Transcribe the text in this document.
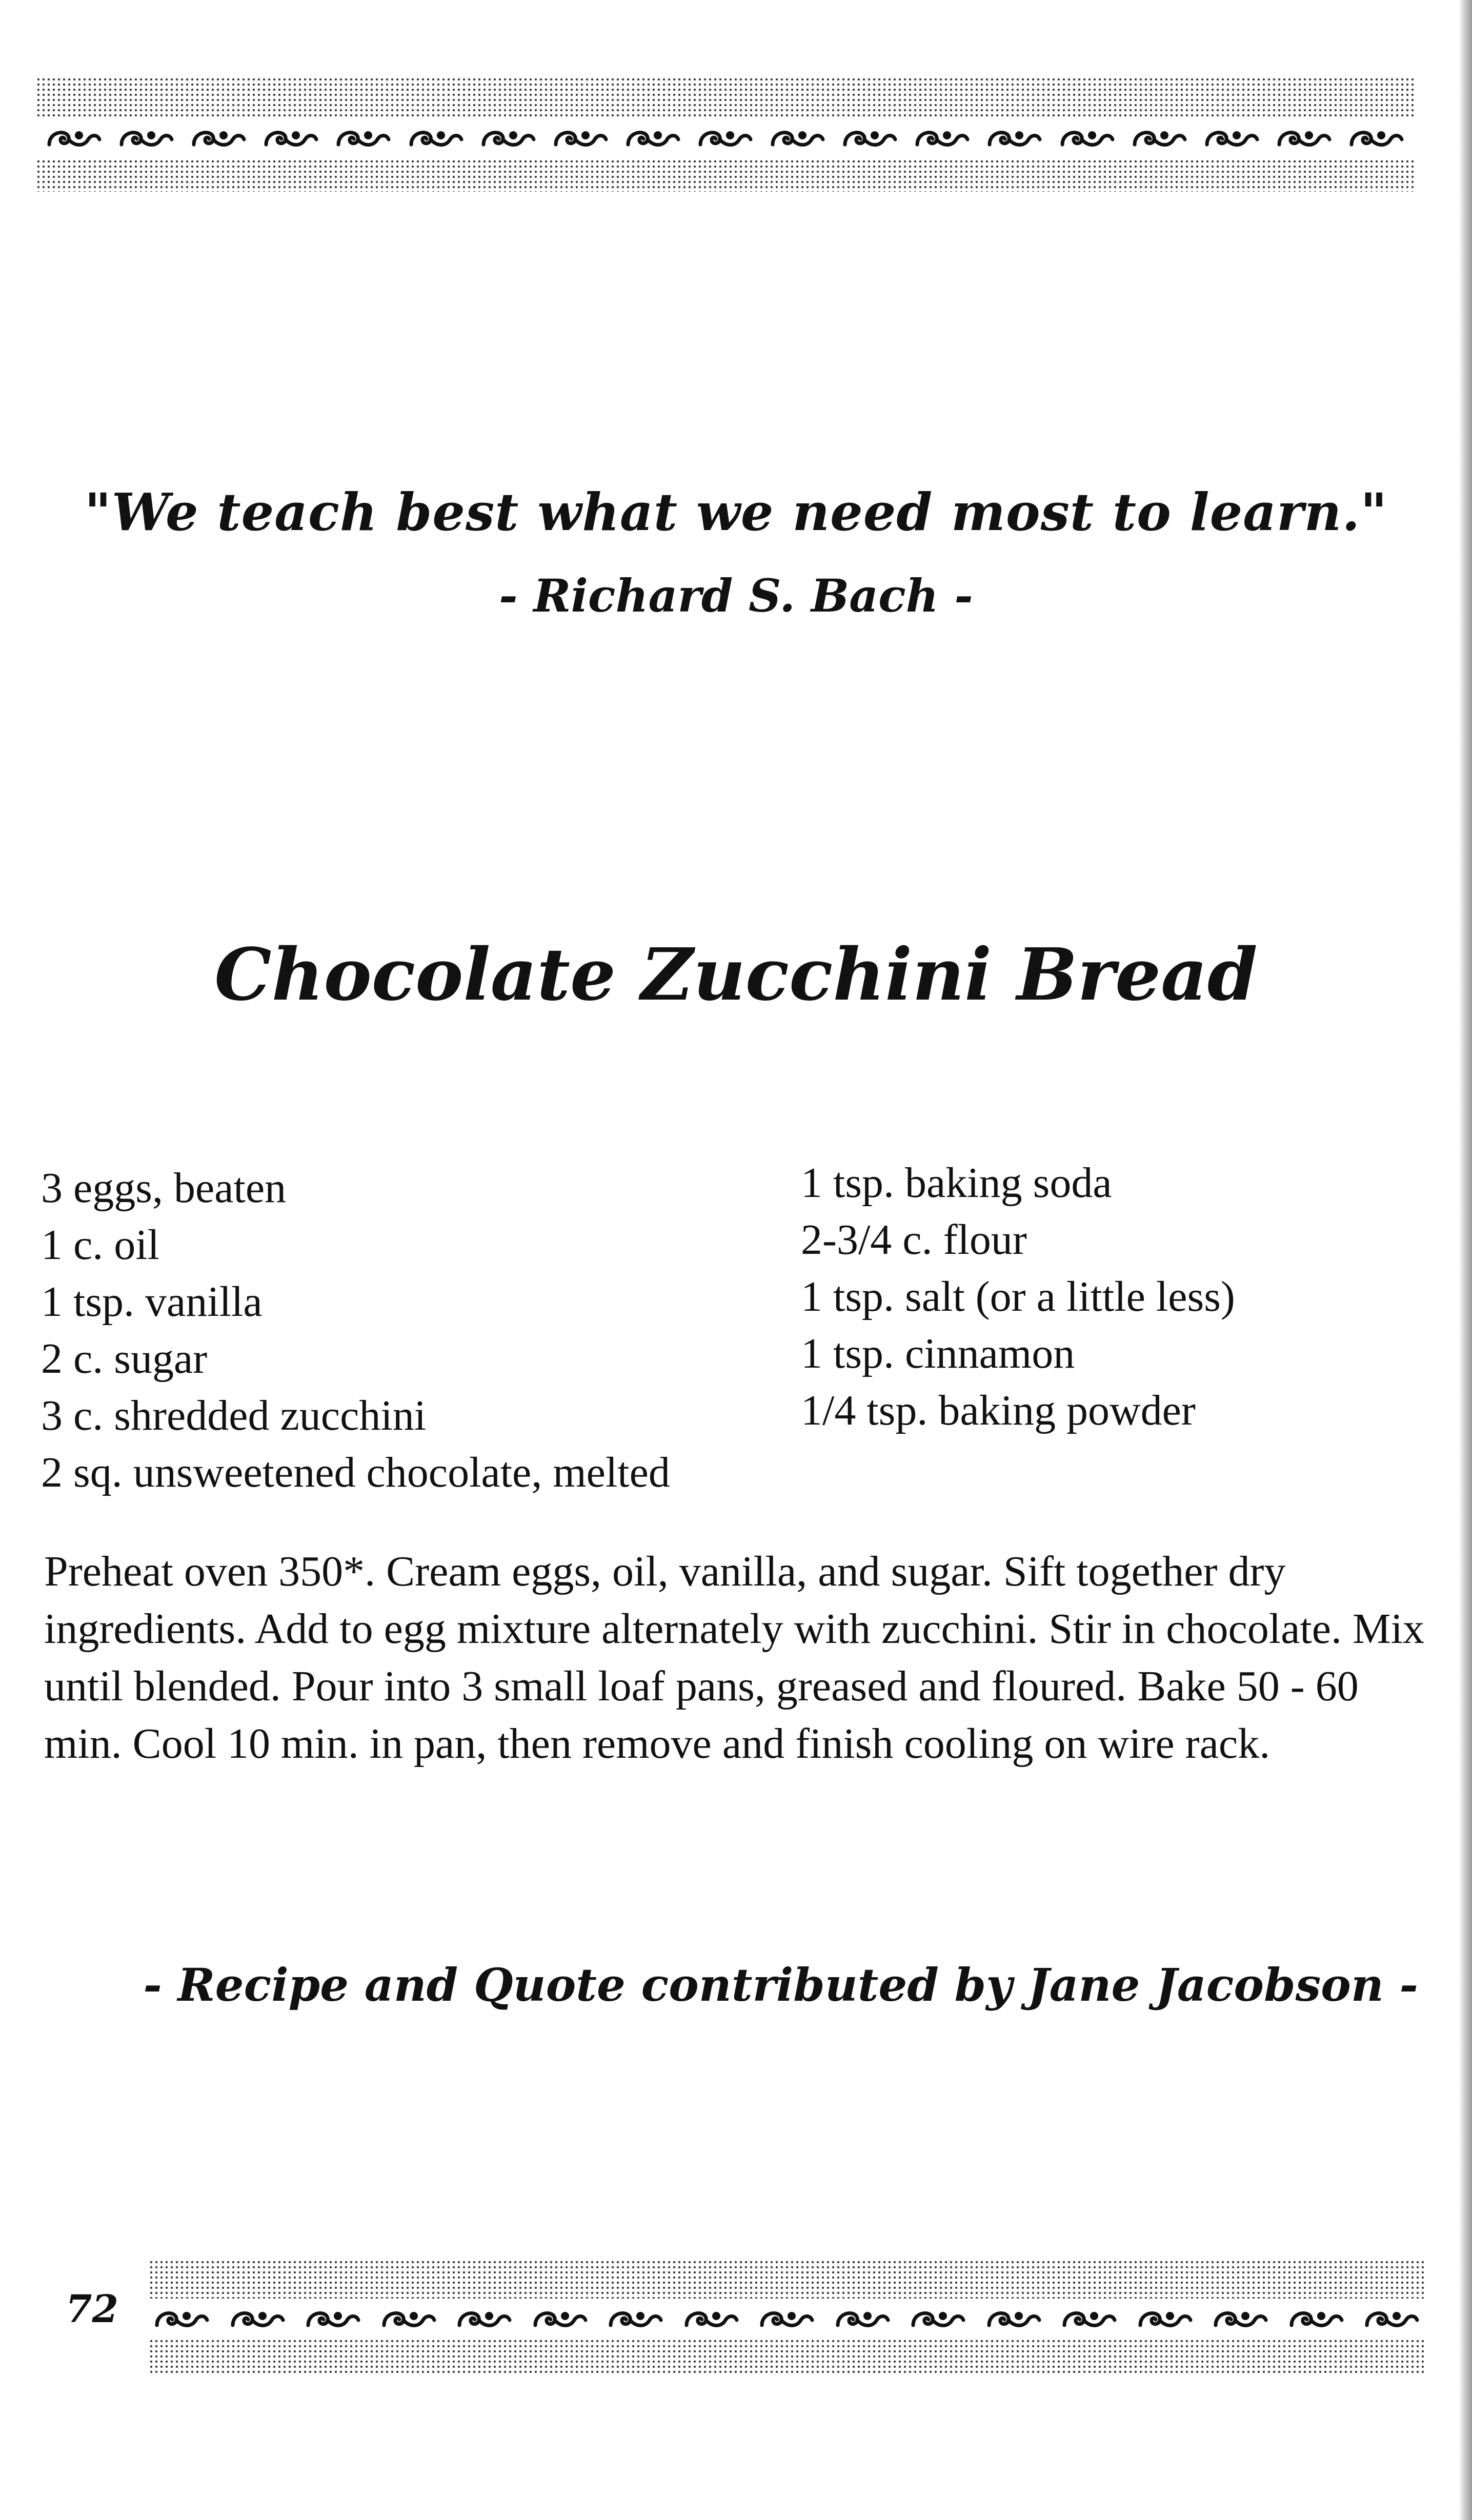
"We teach best what we need most to learn."
- Richard S. Bach -
Chocolate Zucchini Bread
3 eggs, beaten
1 c. oil
1 tsp. vanilla
2 c. sugar
3 c. shredded zucchini
2 sq. unsweetened chocolate, melted
1 tsp. baking soda
2-3/4 c. flour
1 tsp. salt (or a little less)
1 tsp. cinnamon
1/4 tsp. baking powder
Preheat oven 350*. Cream eggs, oil, vanilla, and sugar. Sift together dry ingredients. Add to egg mixture alternately with zucchini. Stir in chocolate. Mix until blended. Pour into 3 small loaf pans, greased and floured. Bake 50 - 60 min. Cool 10 min. in pan, then remove and finish cooling on wire rack.
- Recipe and Quote contributed by Jane Jacobson -
72
